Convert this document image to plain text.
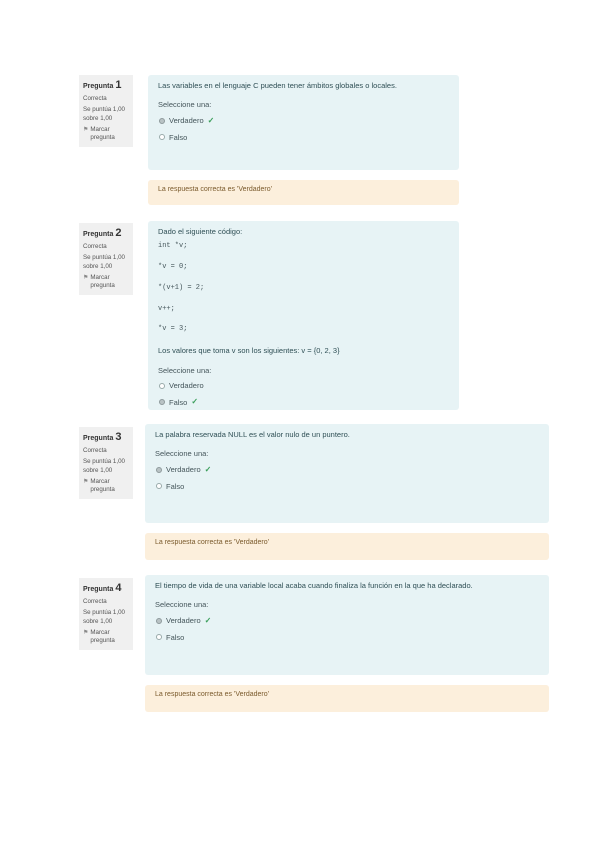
Pregunta 1
Correcta
Se puntúa 1,00 sobre 1,00
⚑ Marcar pregunta
Las variables en el lenguaje C pueden tener ámbitos globales o locales.
Seleccione una:
Verdadero ✓
Falso
La respuesta correcta es 'Verdadero'
Pregunta 2
Correcta
Se puntúa 1,00 sobre 1,00
⚑ Marcar pregunta
Dado el siguiente código:
int *v;
*v = 0;
*(v+1) = 2;
v++;
*v = 3;
Los valores que toma v son los siguientes: v = {0, 2, 3}
Seleccione una:
Verdadero
Falso ✓
Pregunta 3
Correcta
Se puntúa 1,00 sobre 1,00
⚑ Marcar pregunta
La palabra reservada NULL es el valor nulo de un puntero.
Seleccione una:
Verdadero ✓
Falso
La respuesta correcta es 'Verdadero'
Pregunta 4
Correcta
Se puntúa 1,00 sobre 1,00
⚑ Marcar pregunta
El tiempo de vida de una variable local acaba cuando finaliza la función en la que ha declarado.
Seleccione una:
Verdadero ✓
Falso
La respuesta correcta es 'Verdadero'
